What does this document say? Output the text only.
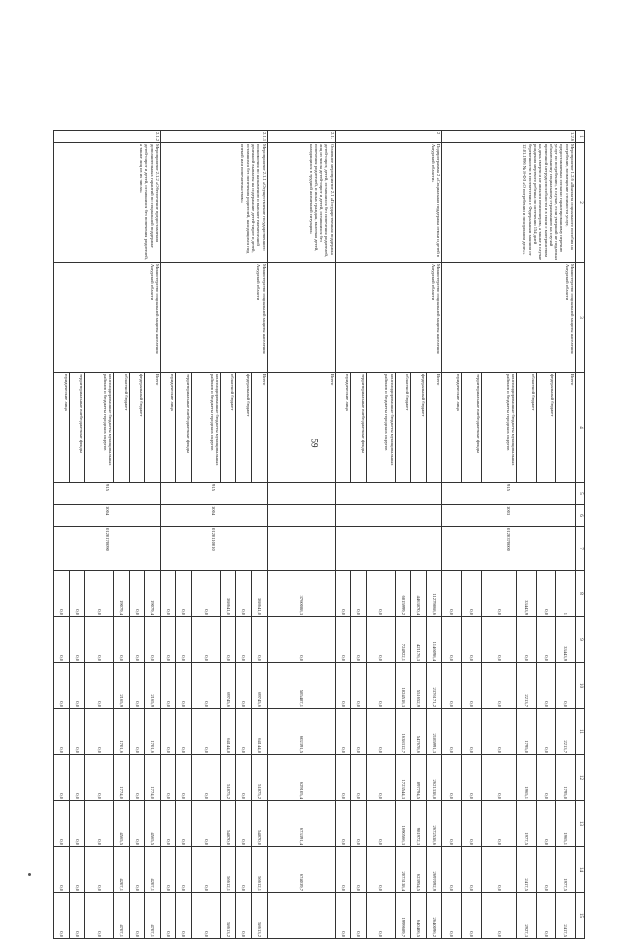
59
1	2	3	4	5	6	7	8	9	10	11	12	13	14	15	
1.2.6	Мероприятие 1.2.6 «Выплата социального пособия на погребение, возмещение стоимости услуг, предоставляемых согласно гарантированному перечню услуг по погребению, в случае, если умерший не подлежал обязательному социальному страхованию на случай временной нетрудоспособности и в связи с материнством на день смерти и не являлся пенсионером, а также в случае рождения мертвого ребенка по истечении 154 дней беременности в соответствии с Федеральным законом от 12.01.1996 № 8-ФЗ «О погребении и похоронном деле»»	Министерство социальной защиты населения Амурской области	Всего	915	1003	0120370000	1	33443,9	0,0	2213,7	1795,0	1965,1	1977,5	2417,5	
			федеральный бюджет				0,0	0,0	0,0	0,0	0,0	0,0	0,0	0,0	
			областной бюджет				33443,9	0,0	2213,7	1795,0	1965,1	1977,5	2417,5	2927,3	
			консолидированные бюджеты муниципальных районов и бюджеты городских округов				0,0	0,0	0,0	0,0	0,0	0,0	0,0	0,0	
			территориальные внебюджетные фонды				0,0	0,0	0,0	0,0	0,0	0,0	0,0	0,0	
			юридические лица				0,0	0,0	0,0	0,0	0,0	0,0	0,0	0,0	
2	Подпрограмма 2 «Социальная поддержка семьи и детей в Амурской области»	Министерство социальной защиты населения Амурской области	Всего				11279868,6	1146098,4	2376171,2	2185991,3	2621338,8	2672538,6	2697092,9	2640096,2	
			федеральный бюджет				4463870,4	421176,3	551652,9	547678,6	897794,5	981972,3	623954,5	640406,5	
			областной бюджет				6815999,2	724922,1	1824518,3	1638312,7	1723544,3	1690566,3	2073138,4	1999689,7	
			консолидированные бюджеты муниципальных районов и бюджеты городских округов				0,0	0,0	0,0	0,0	0,0	0,0	0,0	0,0	
			территориальные внебюджетные фонды				0,0	0,0	0,0	0,0	0,0	0,0	0,0	0,0	
			юридические лица				0,0	0,0	0,0	0,0	0,0	0,0	0,0	0,0	
2.1.	Основное мероприятие 2.1 «Государственная поддержка детей-сирот, детей, оставшихся без попечения родителей, лиц из числа детей-сирот и детей, оставшихся без попечения родителей, и иных граждан, включая детей, находящихся в трудной жизненной ситуации»		Всего				3760088,3	0,0	585487,1	602391,5	629105,4	673391,4	674039,7		
2.1.1	Мероприятие 2.1.1 «Осуществление государственного полномочия по назначению и выплате ежемесячной денежной выплаты на содержание детей-сирот и детей, оставшихся без попечения родителей, находящихся под опекой или попечительством»	Министерство социальной защиты населения Амурской области	Всего	915	1004	0120110010	368641,0	0,0	69745,6	64144,8	51875,2	54870,0	56612,1	58613,2	
			федеральный бюджет				0,0	0,0	0,0	0,0	0,0	0,0	0,0	0,0	
			областной бюджет				368641,0	0,0	69745,6	64144,8	51875,2	54870,0	56612,1	58613,2	
			консолидированные бюджеты муниципальных районов и бюджеты городских округов				0,0	0,0	0,0	0,0	0,0	0,0	0,0	0,0	
			территориальные внебюджетные фонды				0,0	0,0	0,0	0,0	0,0	0,0	0,0	0,0	
			юридические лица				0,0	0,0	0,0	0,0	0,0	0,0	0,0	0,0	
2.1.2	Мероприятие 2.1.2 «Обеспечение предоставления дополнительных гарантий по социальной поддержке детей-сирот и детей, оставшихся без попечения родителей, а также лиц из их числа»	Министерство социальной защиты населения Амурской области	Всего	915	1004	0120170090	19079,4	0,0	2165,9	1701,6	1774,0	4565,5	4207,1	4707,1	
			федеральный бюджет				0,0	0,0	0,0	0,0	0,0	0,0	0,0	0,0	
			областной бюджет				19079,4	0,0	2165,9	1701,6	1774,0	4565,5	4207,1	4707,1	
			консолидированные бюджеты муниципальных районов и бюджеты городских округов				0,0	0,0	0,0	0,0	0,0	0,0	0,0	0,0	
			территориальные внебюджетные фонды				0,0	0,0	0,0	0,0	0,0	0,0	0,0	0,0	
			юридические лица				0,0	0,0	0,0	0,0	0,0	0,0	0,0	0,0	
